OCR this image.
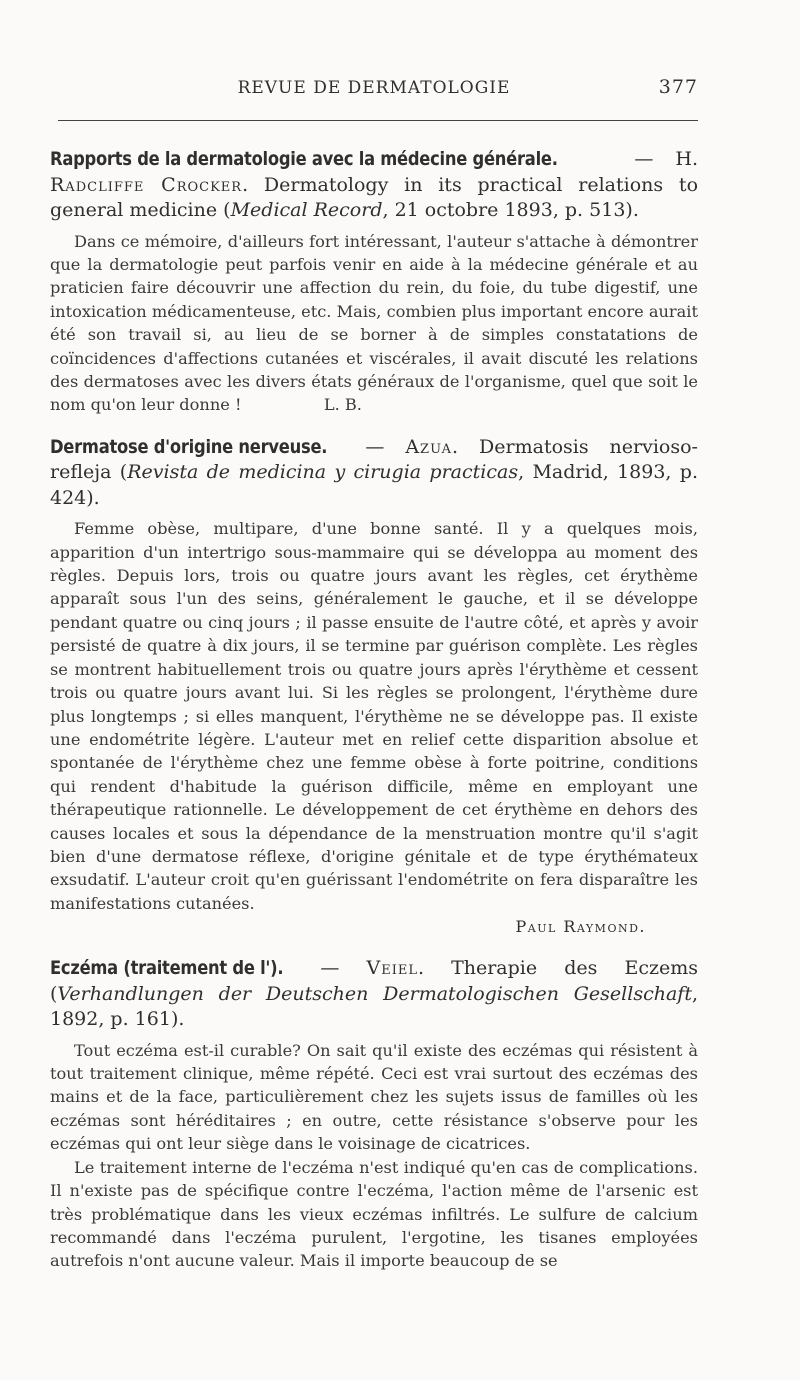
REVUE DE DERMATOLOGIE	377
Rapports de la dermatologie avec la médecine générale.	— H. Radcliffe Crocker. Dermatology in its practical relations to general medicine (Medical Record, 21 octobre 1893, p. 513).

Dans ce mémoire, d'ailleurs fort intéressant, l'auteur s'attache à démontrer que la dermatologie peut parfois venir en aide à la médecine générale et au praticien faire découvrir une affection du rein, du foie, du tube digestif, une intoxication médicamenteuse, etc. Mais, combien plus important encore aurait été son travail si, au lieu de se borner à de simples constatations de coïncidences d'affections cutanées et viscérales, il avait discuté les relations des dermatoses avec les divers états généraux de l'organisme, quel que soit le nom qu'on leur donne !	L. B.

Dermatose d'origine nerveuse. — Azua. Dermatosis nervioso-refleja (Revista de medicina y cirugia practicas, Madrid, 1893, p. 424).

Femme obèse, multipare, d'une bonne santé. Il y a quelques mois, apparition d'un intertrigo sous-mammaire qui se développa au moment des règles. Depuis lors, trois ou quatre jours avant les règles, cet érythème apparaît sous l'un des seins, généralement le gauche, et il se développe pendant quatre ou cinq jours ; il passe ensuite de l'autre côté, et après y avoir persisté de quatre à dix jours, il se termine par guérison complète. Les règles se montrent habituellement trois ou quatre jours après l'érythème et cessent trois ou quatre jours avant lui. Si les règles se prolongent, l'érythème dure plus longtemps ; si elles manquent, l'érythème ne se développe pas. Il existe une endométrite légère. L'auteur met en relief cette disparition absolue et spontanée de l'érythème chez une femme obèse à forte poitrine, conditions qui rendent d'habitude la guérison difficile, même en employant une thérapeutique rationnelle. Le développement de cet érythème en dehors des causes locales et sous la dépendance de la menstruation montre qu'il s'agit bien d'une dermatose réflexe, d'origine génitale et de type érythémateux exsudatif. L'auteur croit qu'en guérissant l'endométrite on fera disparaître les manifestations cutanées.

Paul Raymond.
Eczéma (traitement de l'). — Veiel. Therapie des Eczems (Verhandlungen der Deutschen Dermatologischen Gesellschaft, 1892, p. 161).

Tout eczéma est-il curable? On sait qu'il existe des eczémas qui résistent à tout traitement clinique, même répété. Ceci est vrai surtout des eczémas des mains et de la face, particulièrement chez les sujets issus de familles où les eczémas sont héréditaires ; en outre, cette résistance s'observe pour les eczémas qui ont leur siège dans le voisinage de cicatrices.

Le traitement interne de l'eczéma n'est indiqué qu'en cas de complications. Il n'existe pas de spécifique contre l'eczéma, l'action même de l'arsenic est très problématique dans les vieux eczémas infiltrés. Le sulfure de calcium recommandé dans l'eczéma purulent, l'ergotine, les tisanes employées autrefois n'ont aucune valeur. Mais il importe beaucoup de se
